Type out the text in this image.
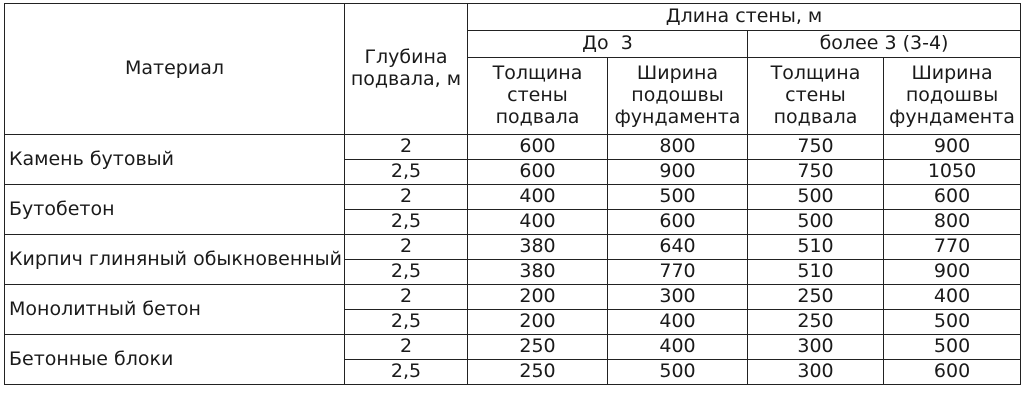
Материал	Глубина подвала, м	Длина стены, м			
		До  3		более 3 (3-4)	
		Толщина стены подвала	Ширина подошвы фундамента	Толщина стены подвала	Ширина подошвы фундамента
Камень бутовый	2	600	800	750	900
	2,5	600	900	750	1050
Бутобетон	2	400	500	500	600
	2,5	400	600	500	800
Кирпич глиняный обыкновенный	2	380	640	510	770
	2,5	380	770	510	900
Монолитный бетон	2	200	300	250	400
	2,5	200	400	250	500
Бетонные блоки	2	250	400	300	500
	2,5	250	500	300	600
